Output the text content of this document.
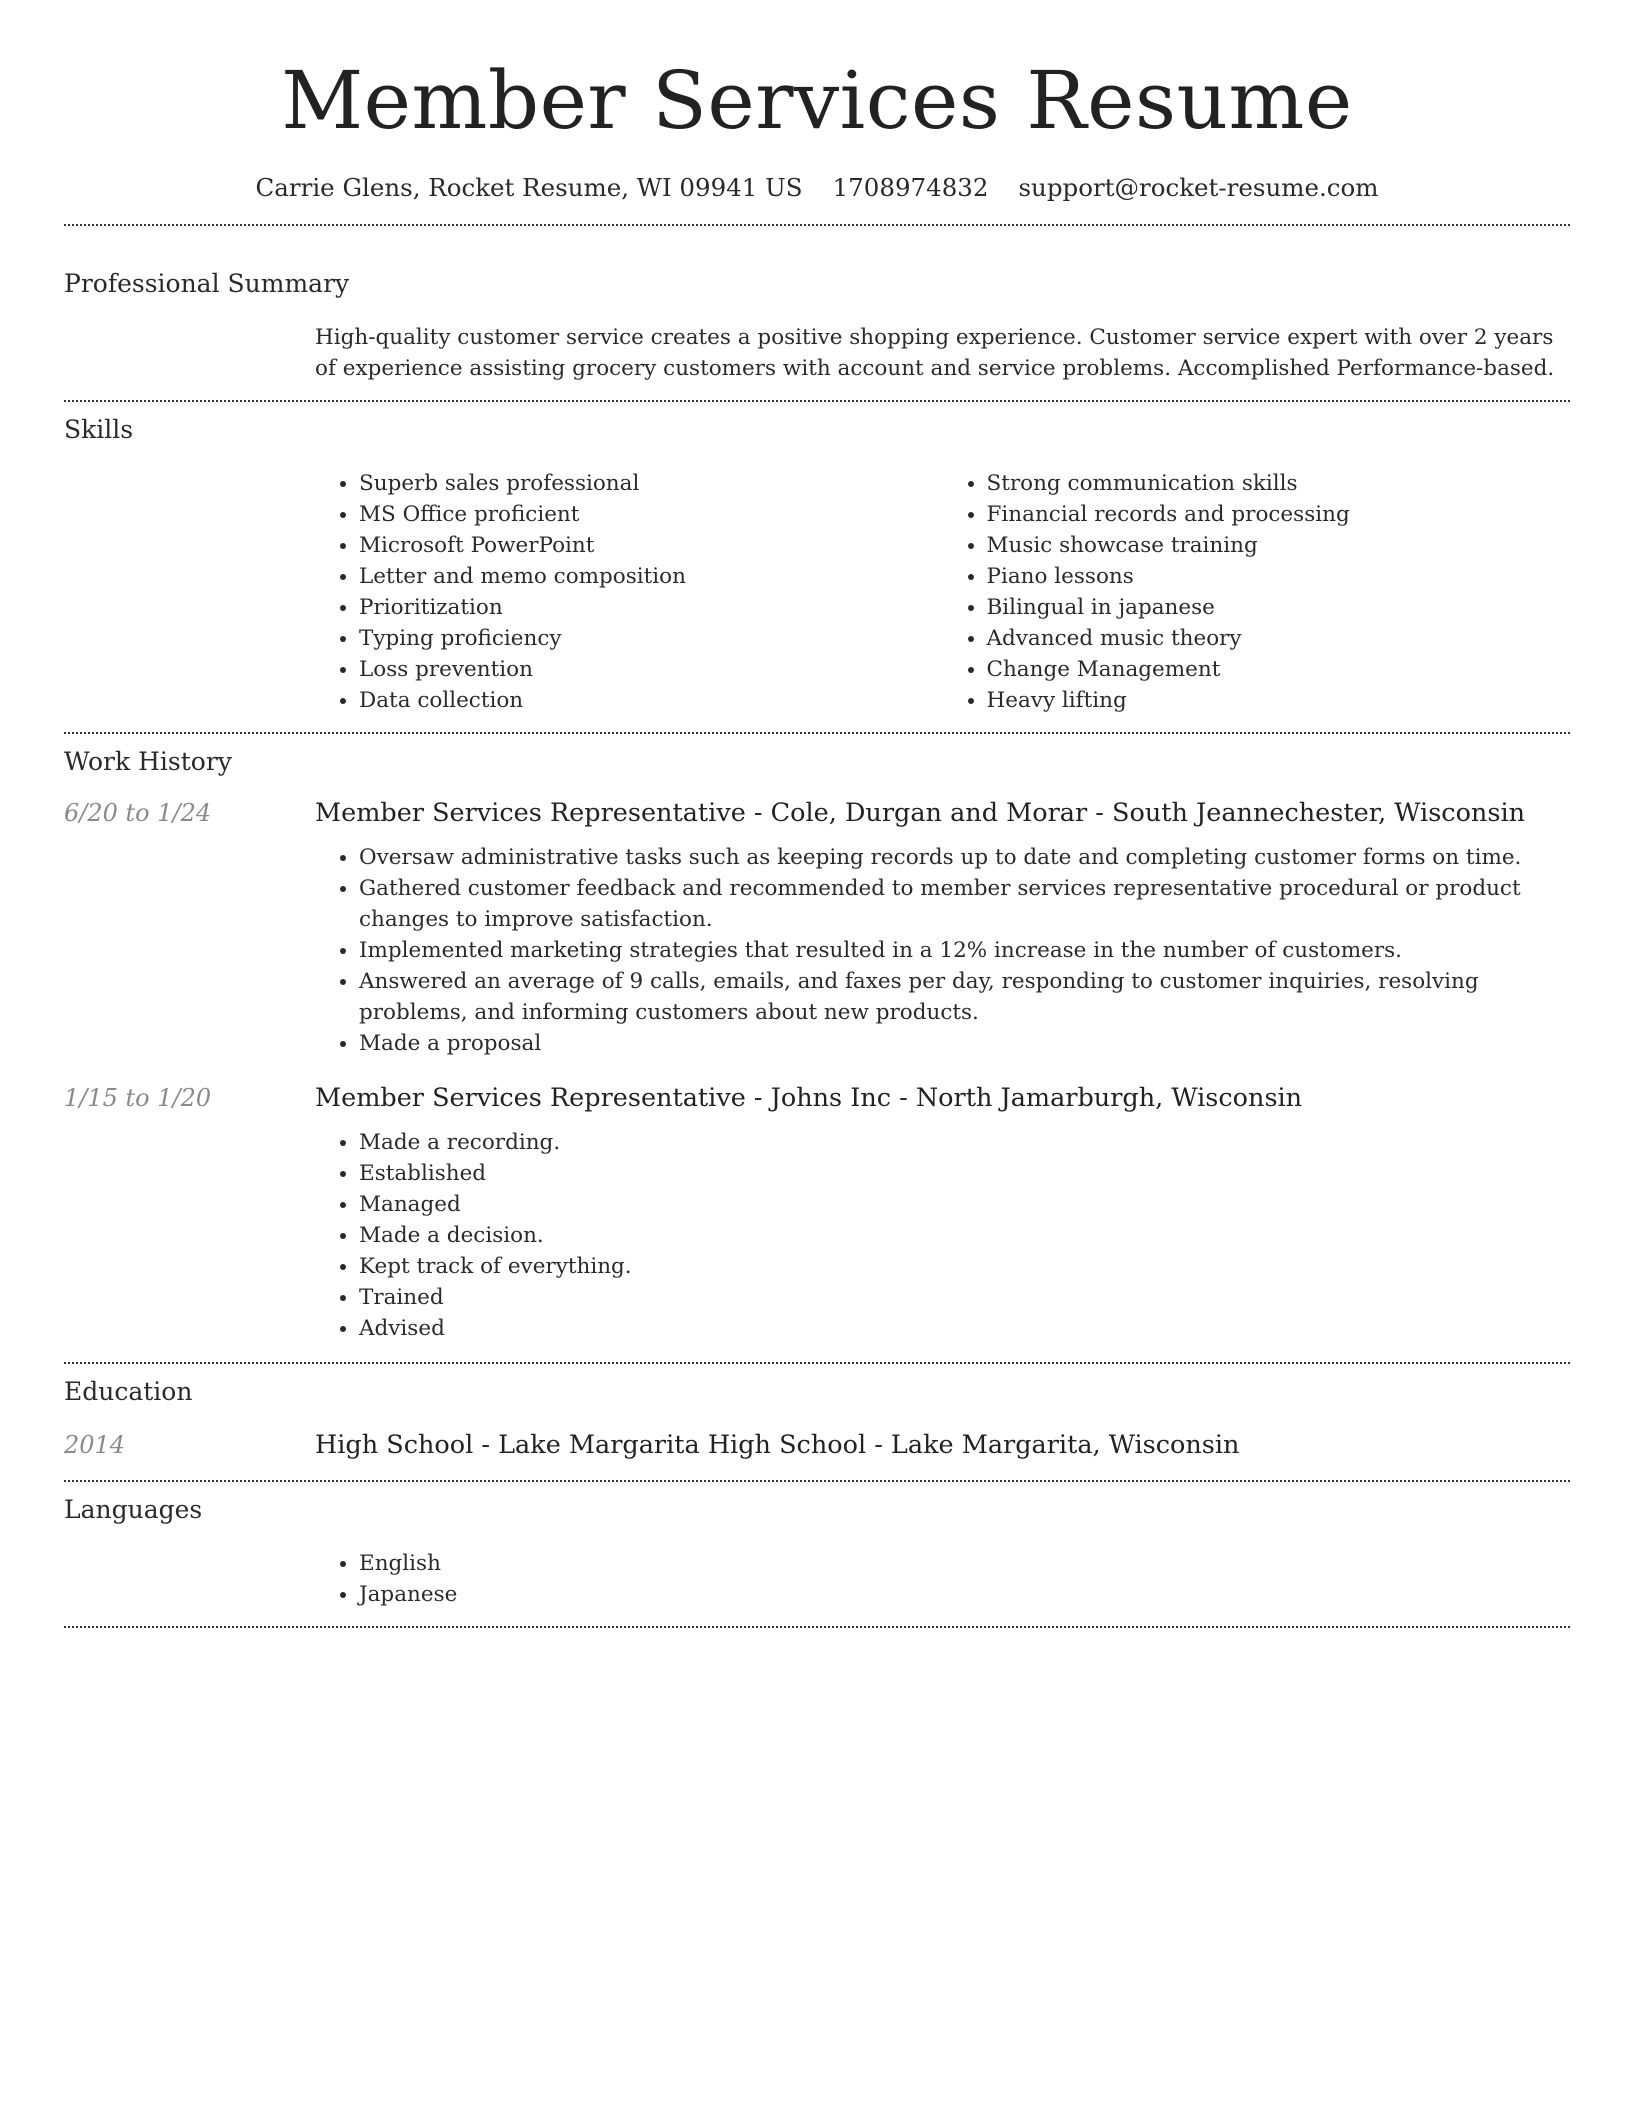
Member Services Resume
Carrie Glens, Rocket Resume, WI 09941 US 1708974832 support@rocket-resume.com
Professional Summary
High-quality customer service creates a positive shopping experience. Customer service expert with over 2 years of experience assisting grocery customers with account and service problems. Accomplished Performance-based.
Skills
• Superb sales professional
• MS Office proficient
• Microsoft PowerPoint
• Letter and memo composition
• Prioritization
• Typing proficiency
• Loss prevention
• Data collection
• Strong communication skills
• Financial records and processing
• Music showcase training
• Piano lessons
• Bilingual in japanese
• Advanced music theory
• Change Management
• Heavy lifting
Work History
6/20 to 1/24	Member Services Representative - Cole, Durgan and Morar - South Jeannechester, Wisconsin
• Oversaw administrative tasks such as keeping records up to date and completing customer forms on time.
• Gathered customer feedback and recommended to member services representative procedural or product changes to improve satisfaction.
• Implemented marketing strategies that resulted in a 12% increase in the number of customers.
• Answered an average of 9 calls, emails, and faxes per day, responding to customer inquiries, resolving problems, and informing customers about new products.
• Made a proposal
1/15 to 1/20	Member Services Representative - Johns Inc - North Jamarburgh, Wisconsin
• Made a recording.
• Established
• Managed
• Made a decision.
• Kept track of everything.
• Trained
• Advised
Education
2014	High School - Lake Margarita High School - Lake Margarita, Wisconsin
Languages
• English
• Japanese
